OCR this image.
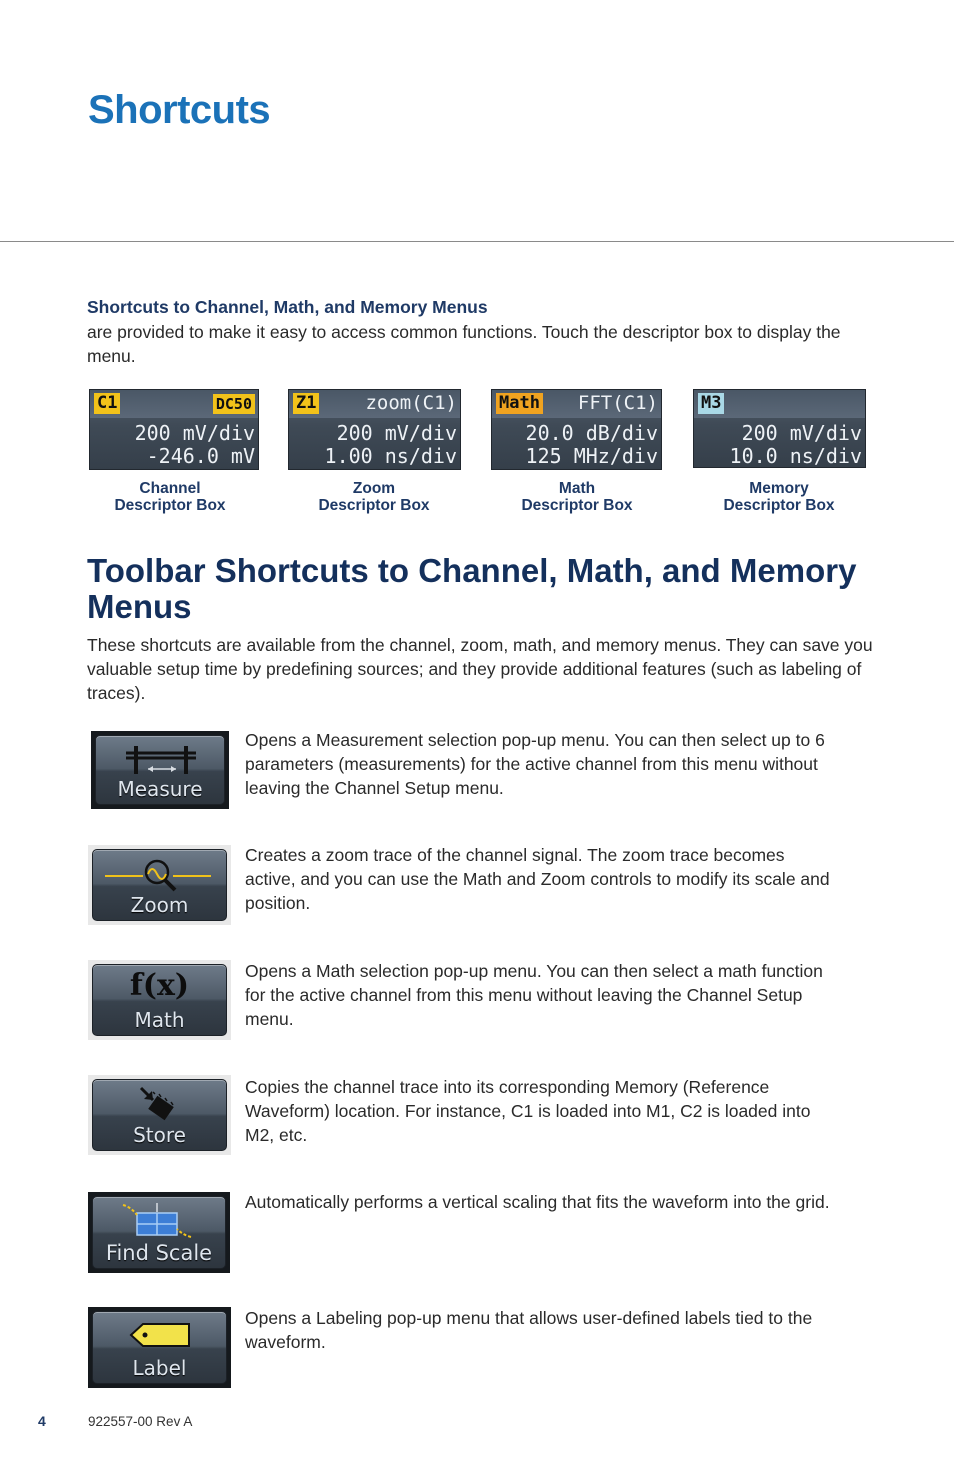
Shortcuts
Shortcuts to Channel, Math, and Memory Menus

are provided to make it easy to access common functions. Touch the descriptor box to display the menu.

C1	DC50
200 mV/div
-246.0 mV
Channel
Descriptor Box
Z1	zoom(C1)
200 mV/div
1.00 ns/div
Zoom
Descriptor Box
Math FFT(C1)
20.0 dB/div
125 MHz/div
Math
Descriptor Box
M3
200 mV/div
10.0 ns/div
Memory
Descriptor Box
Toolbar Shortcuts to Channel, Math, and Memory Menus

These shortcuts are available from the channel, zoom, math, and memory menus. They can save you valuable setup time by predefining sources; and they provide additional features (such as labeling of traces).

Measure

Opens a Measurement selection pop-up menu. You can then select up to 6 parameters (measurements) for the active channel from this menu without leaving the Channel Setup menu.

Zoom

Creates a zoom trace of the channel signal. The zoom trace becomes active, and you can use the Math and Zoom controls to modify its scale and position.

f(x)
Math

Opens a Math selection pop-up menu. You can then select a math function for the active channel from this menu without leaving the Channel Setup menu.

Store

Copies the channel trace into its corresponding Memory (Reference Waveform) location. For instance, C1 is loaded into M1, C2 is loaded into M2, etc.

Find Scale

Automatically performs a vertical scaling that fits the waveform into the grid.

Label

Opens a Labeling pop-up menu that allows user-defined labels tied to the waveform.

4	922557-00 Rev A
